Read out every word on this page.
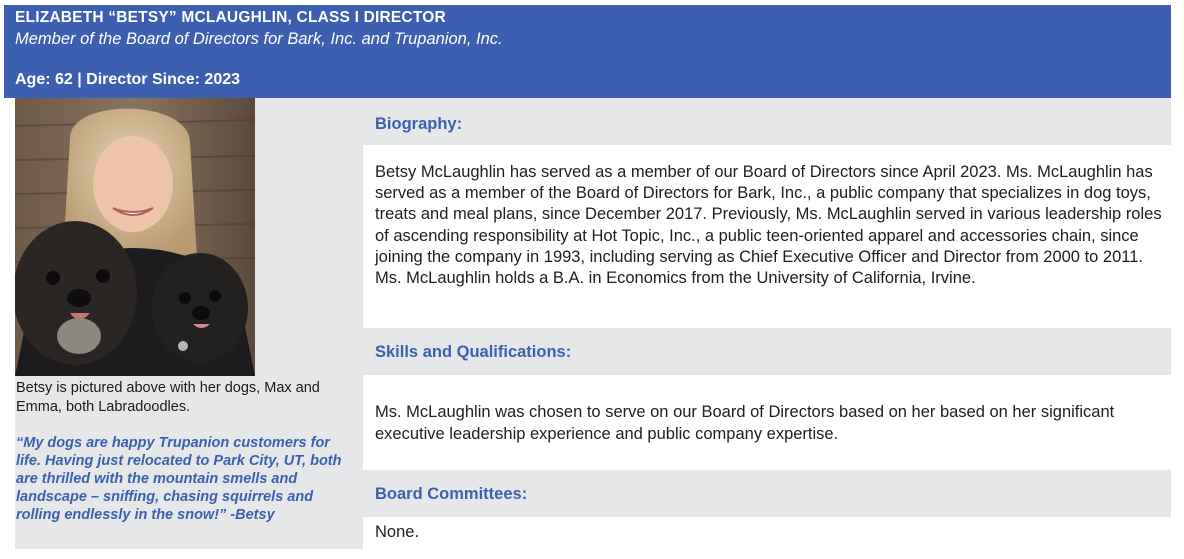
ELIZABETH “BETSY” MCLAUGHLIN, CLASS I DIRECTOR
Member of the Board of Directors for Bark, Inc. and Trupanion, Inc.
Age: 62 | Director Since: 2023
Betsy is pictured above with her dogs, Max and Emma, both Labradoodles.
“My dogs are happy Trupanion customers for life. Having just relocated to Park City, UT, both are thrilled with the mountain smells and landscape – sniffing, chasing squirrels and rolling endlessly in the snow!” -Betsy
Biography:
Betsy McLaughlin has served as a member of our Board of Directors since April 2023. Ms. McLaughlin has served as a member of the Board of Directors for Bark, Inc., a public company that specializes in dog toys, treats and meal plans, since December 2017. Previously, Ms. McLaughlin served in various leadership roles of ascending responsibility at Hot Topic, Inc., a public teen-oriented apparel and accessories chain, since joining the company in 1993, including serving as Chief Executive Officer and Director from 2000 to 2011. Ms. McLaughlin holds a B.A. in Economics from the University of California, Irvine.
Skills and Qualifications:
Ms. McLaughlin was chosen to serve on our Board of Directors based on her based on her significant executive leadership experience and public company expertise.
Board Committees:
None.
